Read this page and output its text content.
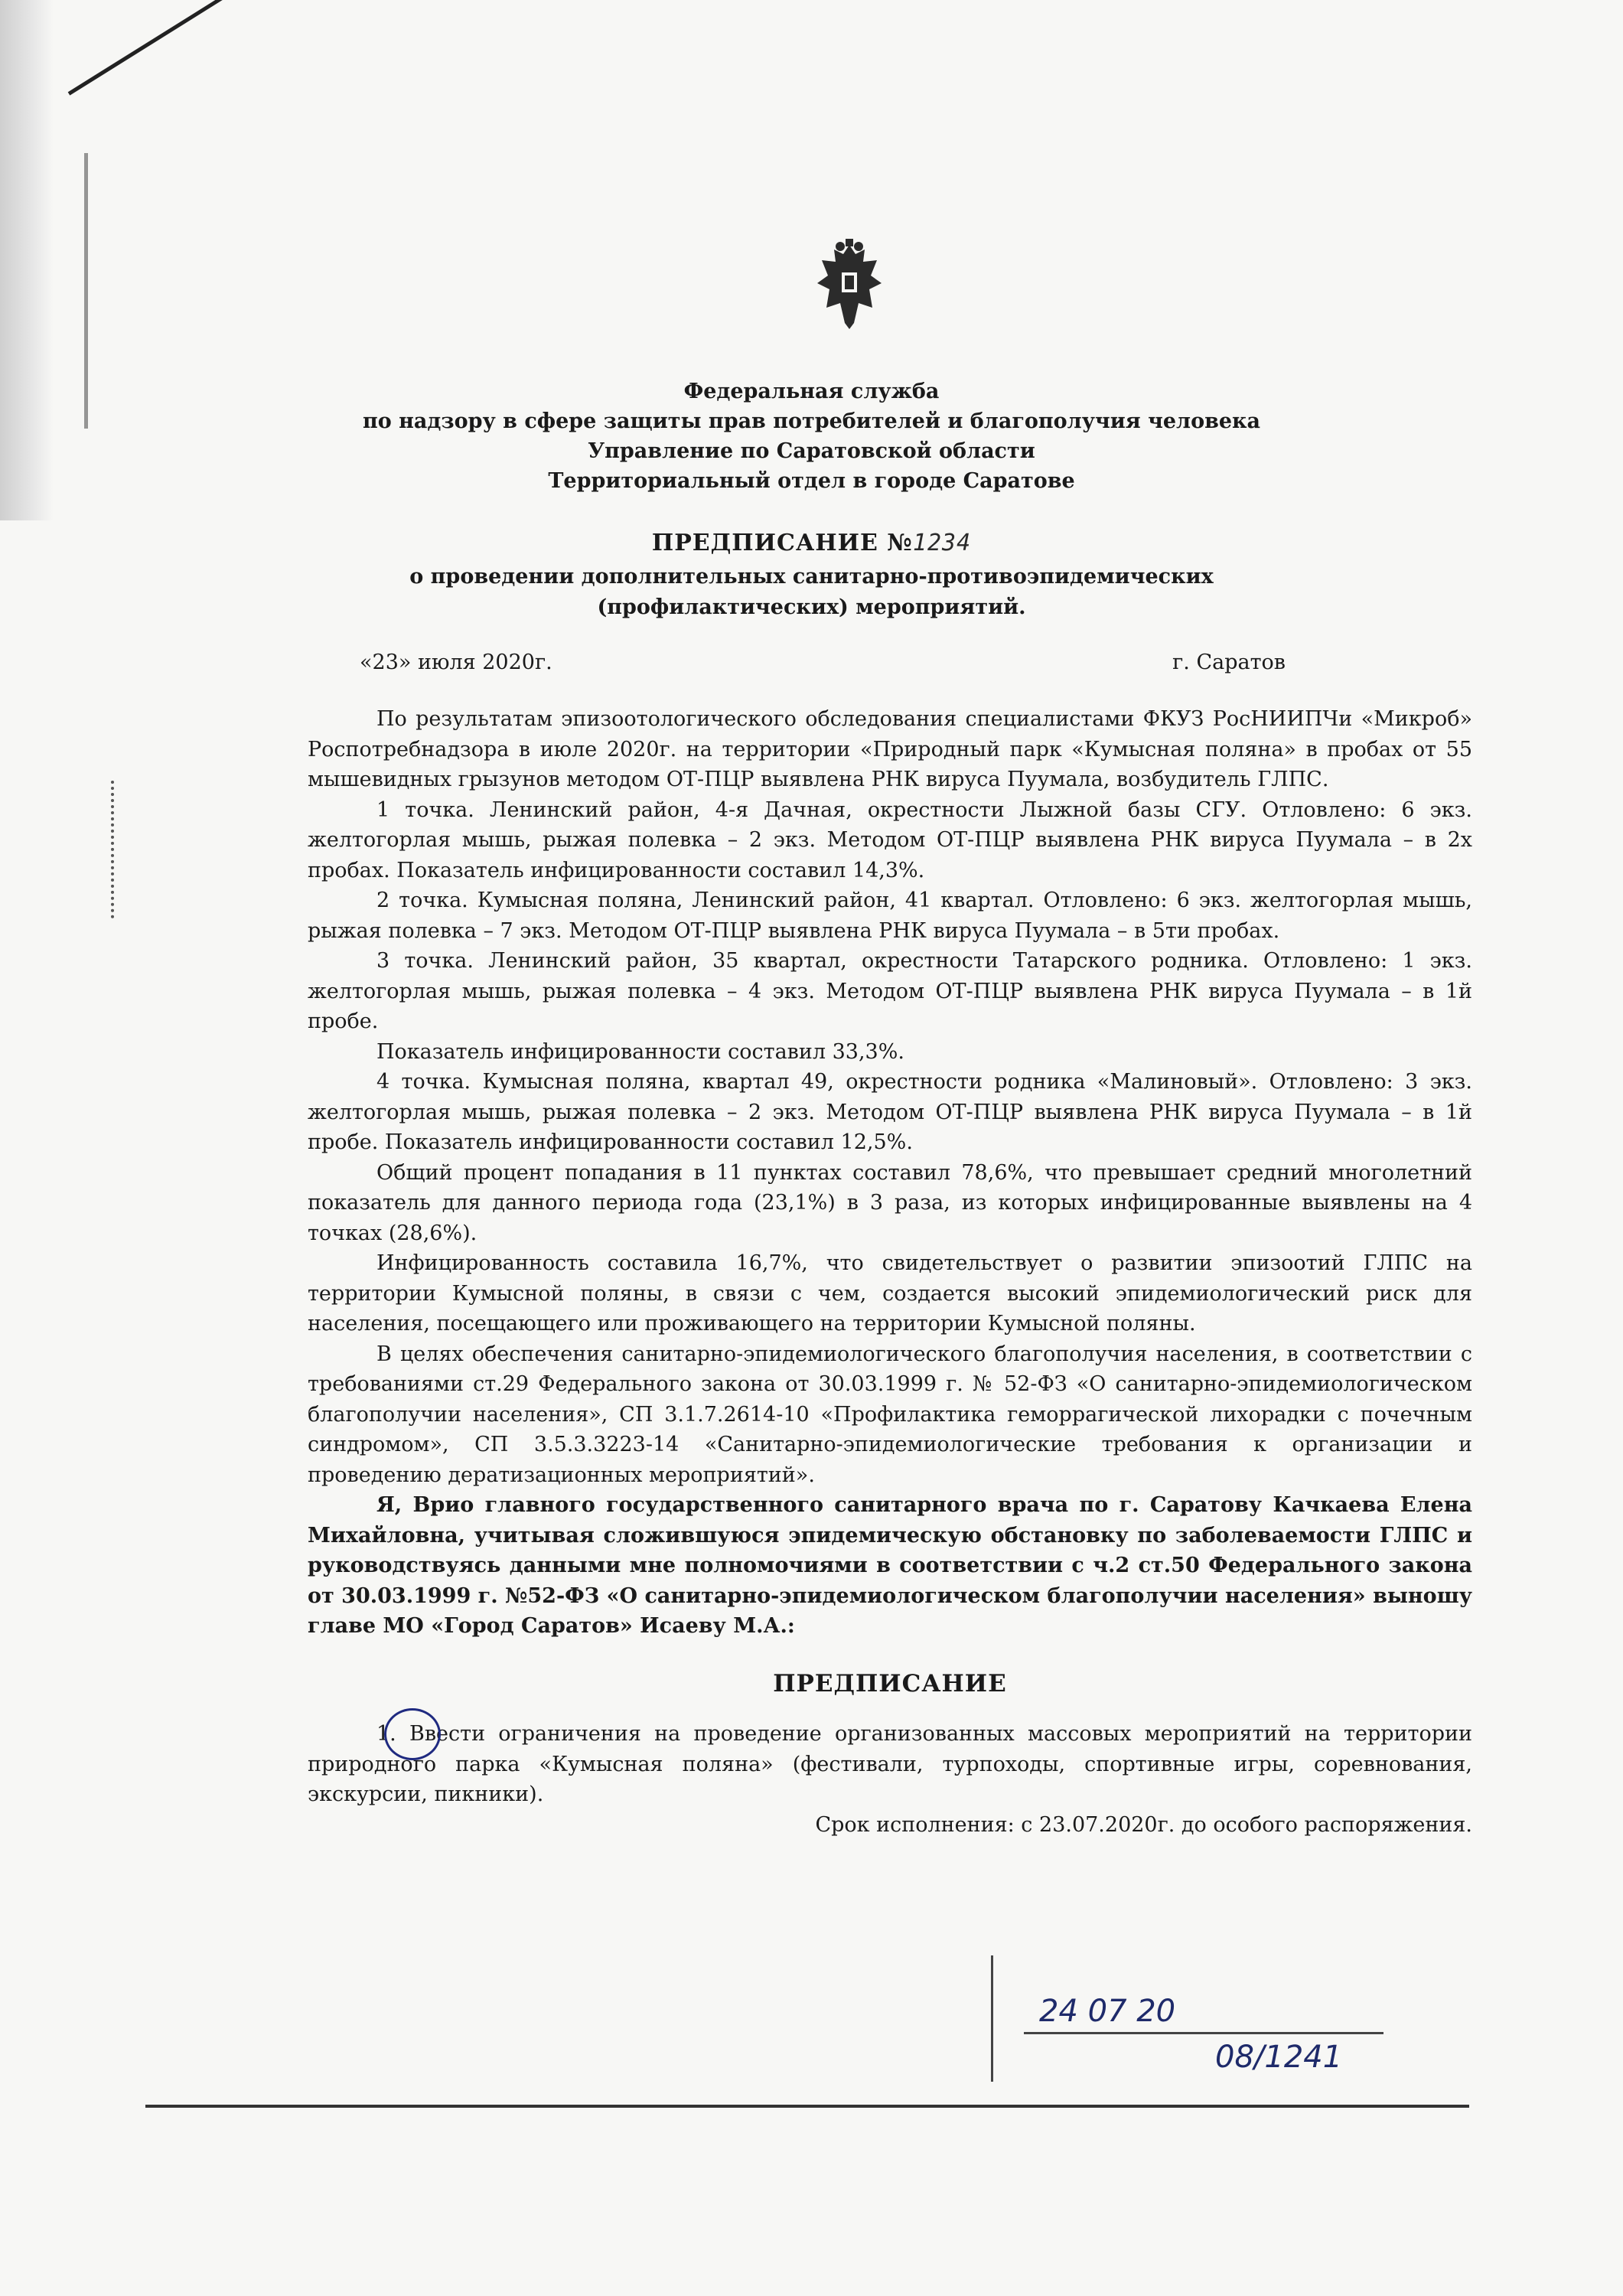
Федеральная служба
по надзору в сфере защиты прав потребителей и благополучия человека
Управление по Саратовской области
Территориальный отдел в городе Саратове
ПРЕДПИСАНИЕ №1234
о проведении дополнительных санитарно-противоэпидемических
(профилактических) мероприятий.
«23» июля 2020г.	г. Саратов

По результатам эпизоотологического обследования специалистами ФКУЗ РосНИИПЧи «Микроб» Роспотребнадзора в июле 2020г. на территории «Природный парк «Кумысная поляна» в пробах от 55 мышевидных грызунов методом ОТ-ПЦР выявлена РНК вируса Пуумала, возбудитель ГЛПС.

1 точка. Ленинский район, 4-я Дачная, окрестности Лыжной базы СГУ. Отловлено: 6 экз. желтогорлая мышь, рыжая полевка – 2 экз. Методом ОТ-ПЦР выявлена РНК вируса Пуумала – в 2х пробах. Показатель инфицированности составил 14,3%.

2 точка. Кумысная поляна, Ленинский район, 41 квартал. Отловлено: 6 экз. желтогорлая мышь, рыжая полевка – 7 экз. Методом ОТ-ПЦР выявлена РНК вируса Пуумала – в 5ти пробах.

3 точка. Ленинский район, 35 квартал, окрестности Татарского родника. Отловлено: 1 экз. желтогорлая мышь, рыжая полевка – 4 экз. Методом ОТ-ПЦР выявлена РНК вируса Пуумала – в 1й пробе.

Показатель инфицированности составил 33,3%.

4 точка. Кумысная поляна, квартал 49, окрестности родника «Малиновый». Отловлено: 3 экз. желтогорлая мышь, рыжая полевка – 2 экз. Методом ОТ-ПЦР выявлена РНК вируса Пуумала – в 1й пробе. Показатель инфицированности составил 12,5%.

Общий процент попадания в 11 пунктах составил 78,6%, что превышает средний многолетний показатель для данного периода года (23,1%) в 3 раза, из которых инфицированные выявлены на 4 точках (28,6%).

Инфицированность составила 16,7%, что свидетельствует о развитии эпизоотий ГЛПС на территории Кумысной поляны, в связи с чем, создается высокий эпидемиологический риск для населения, посещающего или проживающего на территории Кумысной поляны.

В целях обеспечения санитарно-эпидемиологического благополучия населения, в соответствии с требованиями ст.29 Федерального закона от 30.03.1999 г. № 52-ФЗ «О санитарно-эпидемиологическом благополучии населения», СП 3.1.7.2614-10 «Профилактика геморрагической лихорадки с почечным синдромом», СП 3.5.3.3223-14 «Санитарно-эпидемиологические требования к организации и проведению дератизационных мероприятий».

Я, Врио главного государственного санитарного врача по г. Саратову Качкаева Елена Михайловна, учитывая сложившуюся эпидемическую обстановку по заболеваемости ГЛПС и руководствуясь данными мне полномочиями в соответствии с ч.2 ст.50 Федерального закона от 30.03.1999 г. №52-ФЗ «О санитарно-эпидемиологическом благополучии населения» выношу главе МО «Город Саратов» Исаеву М.А.:

ПРЕДПИСАНИЕ

1. Ввести ограничения на проведение организованных массовых мероприятий на территории природного парка «Кумысная поляна» (фестивали, турпоходы, спортивные игры, соревнования, экскурсии, пикники).

Срок исполнения: с 23.07.2020г. до особого распоряжения.

24 07 20
08/1241
